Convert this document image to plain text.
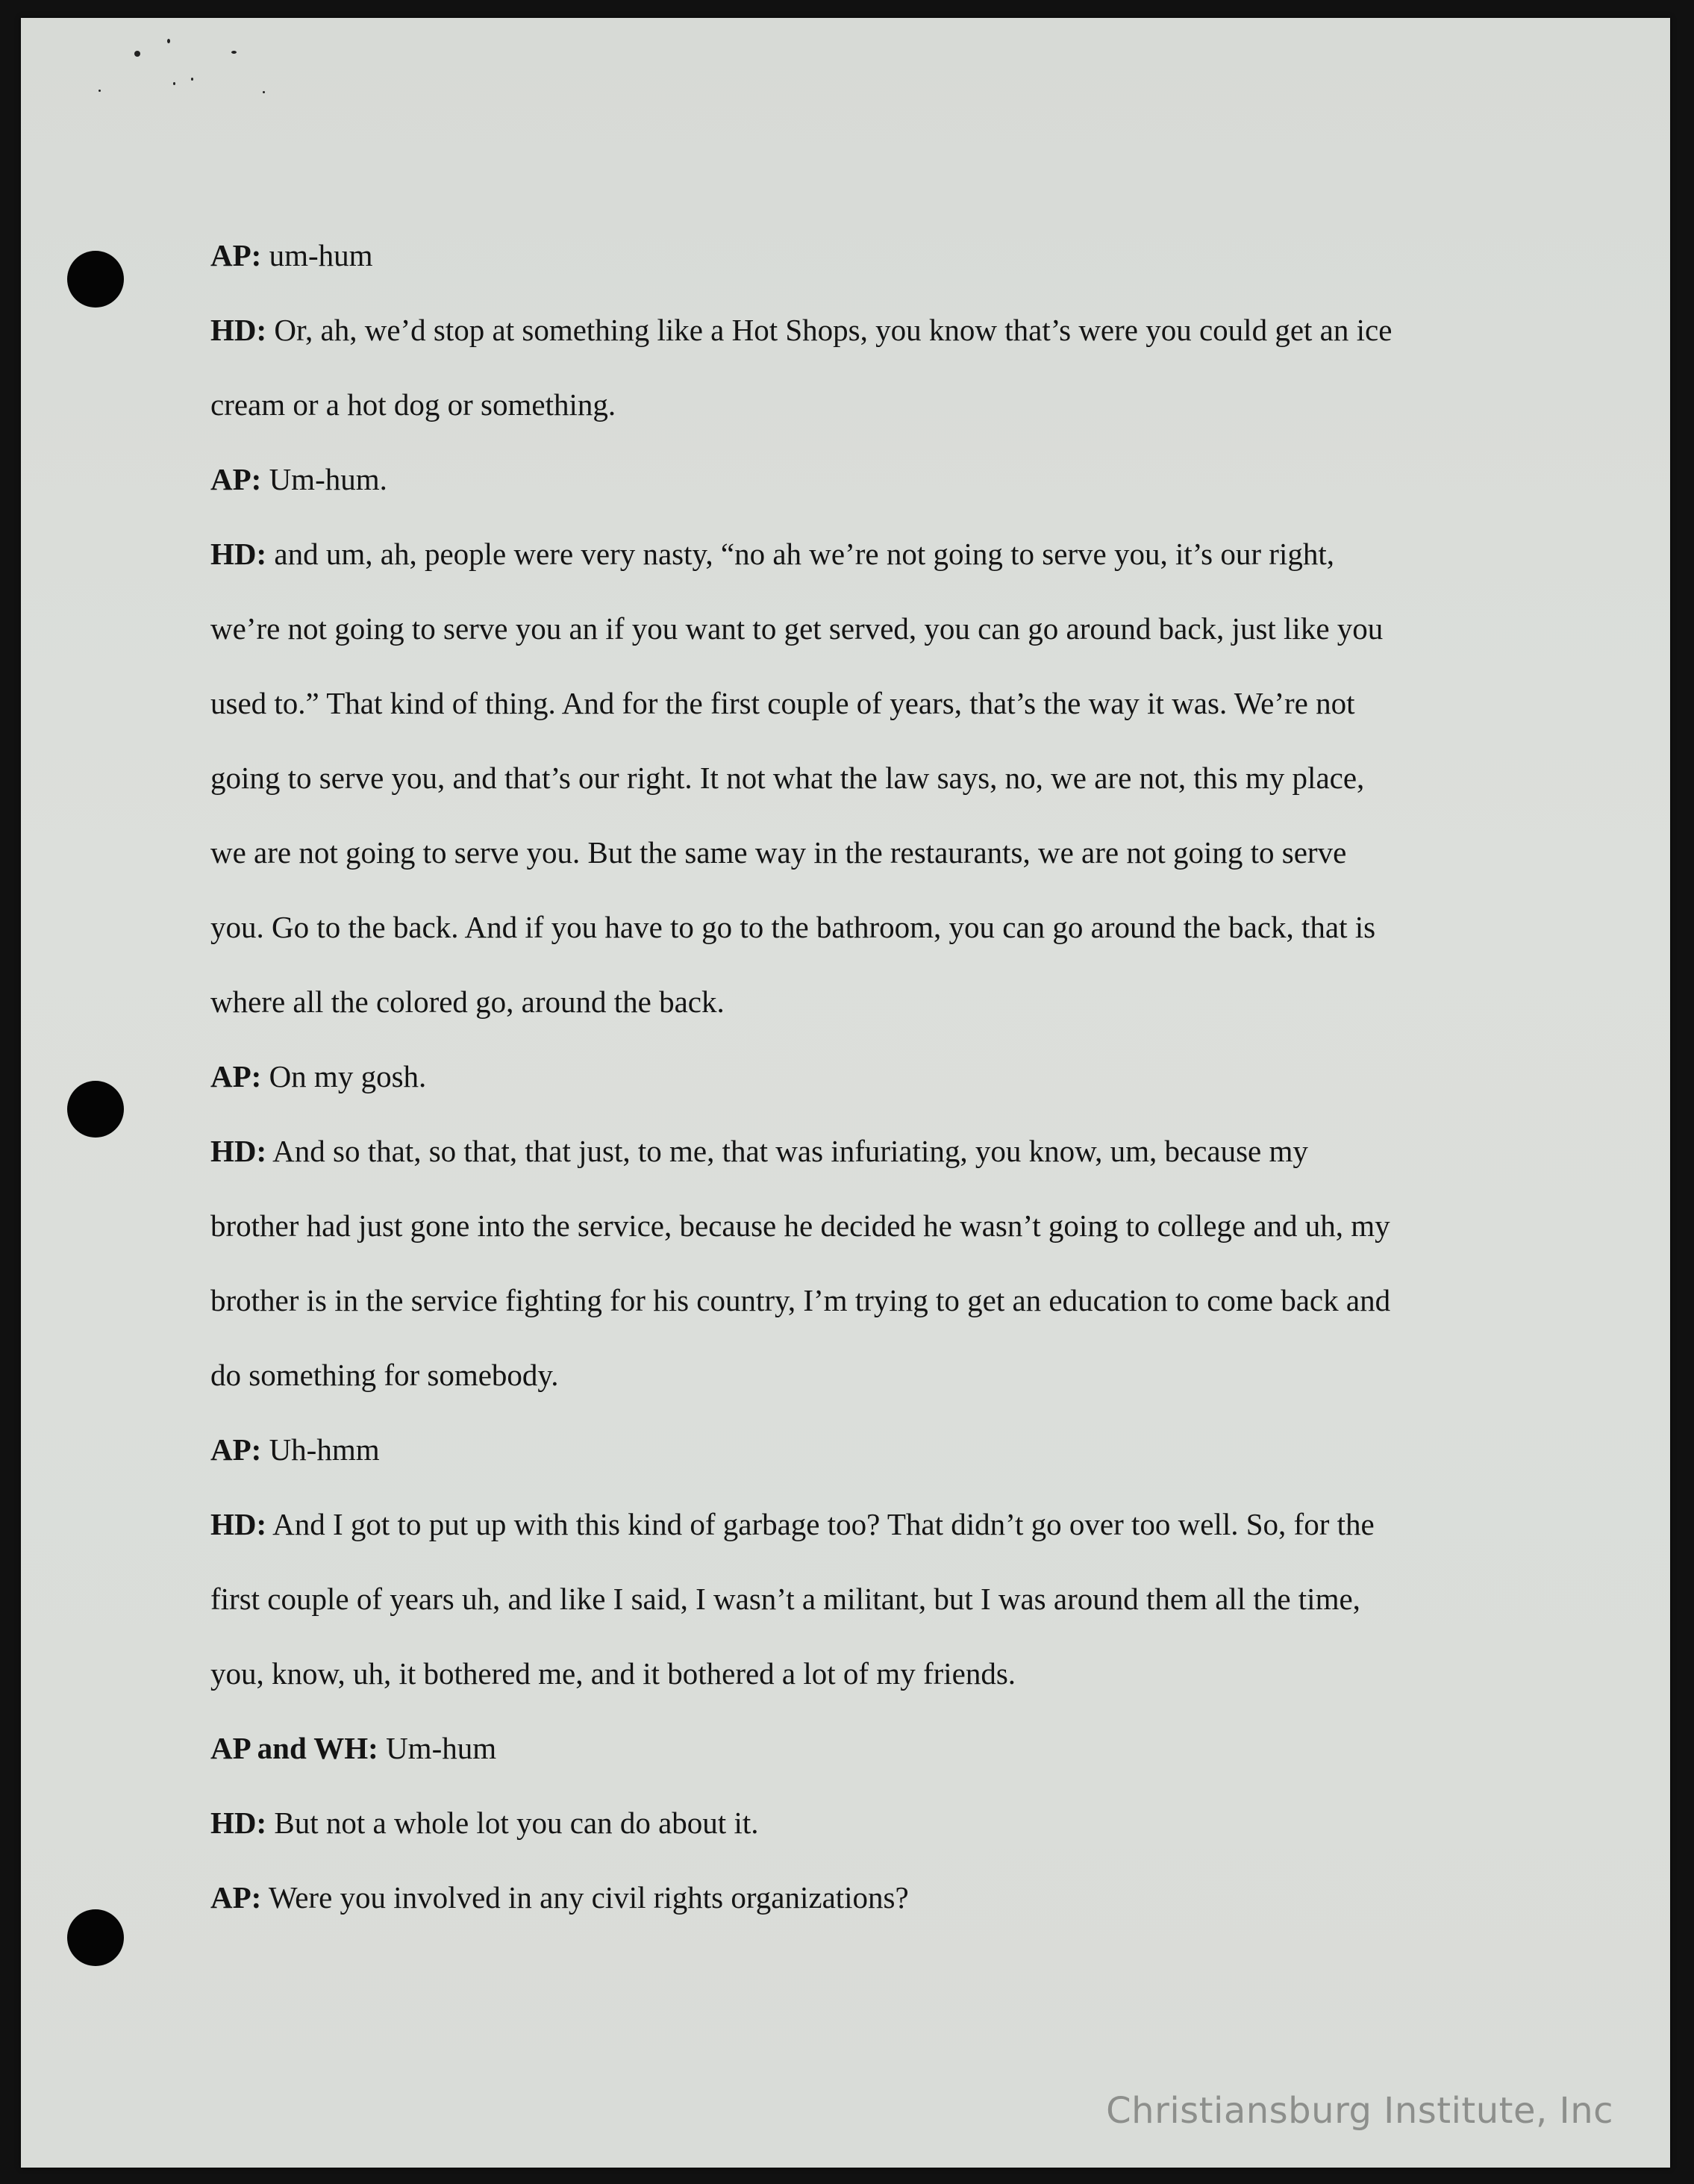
AP: um-hum
HD: Or, ah, we’d stop at something like a Hot Shops, you know that’s were you could get an ice
cream or a hot dog or something.
AP: Um-hum.
HD: and um, ah, people were very nasty, “no ah we’re not going to serve you, it’s our right,
we’re not going to serve you an if you want to get served, you can go around back, just like you
used to.” That kind of thing. And for the first couple of years, that’s the way it was. We’re not
going to serve you, and that’s our right. It not what the law says, no, we are not, this my place,
we are not going to serve you. But the same way in the restaurants, we are not going to serve
you. Go to the back. And if you have to go to the bathroom, you can go around the back, that is
where all the colored go, around the back.
AP: On my gosh.
HD: And so that, so that, that just, to me, that was infuriating, you know, um, because my
brother had just gone into the service, because he decided he wasn’t going to college and uh, my
brother is in the service fighting for his country, I’m trying to get an education to come back and
do something for somebody.
AP: Uh-hmm
HD: And I got to put up with this kind of garbage too? That didn’t go over too well. So, for the
first couple of years uh, and like I said, I wasn’t a militant, but I was around them all the time,
you, know, uh, it bothered me, and it bothered a lot of my friends.
AP and WH: Um-hum
HD: But not a whole lot you can do about it.
AP: Were you involved in any civil rights organizations?
Christiansburg Institute, Inc
